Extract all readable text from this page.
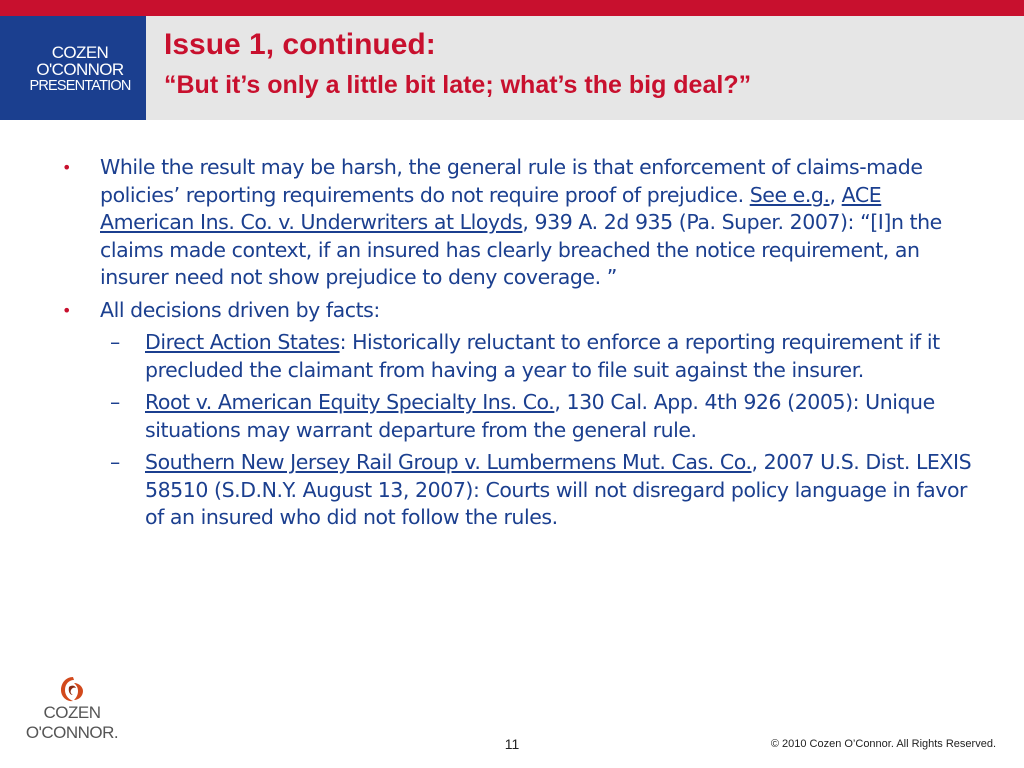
COZEN
O'CONNOR
PRESENTATION
Issue 1, continued:
“But it’s only a little bit late; what’s the big deal?”
• While the result may be harsh, the general rule is that enforcement of claims-made policies’ reporting requirements do not require proof of prejudice. See e.g., ACE American Ins. Co. v. Underwriters at Lloyds, 939 A. 2d 935 (Pa. Super. 2007): “[I]n the claims made context, if an insured has clearly breached the notice requirement, an insurer need not show prejudice to deny coverage. ”
• All decisions driven by facts:
– Direct Action States: Historically reluctant to enforce a reporting requirement if it precluded the claimant from having a year to file suit against the insurer.
– Root v. American Equity Specialty Ins. Co., 130 Cal. App. 4th 926 (2005): Unique situations may warrant departure from the general rule.
– Southern New Jersey Rail Group v. Lumbermens Mut. Cas. Co., 2007 U.S. Dist. LEXIS 58510 (S.D.N.Y. August 13, 2007): Courts will not disregard policy language in favor of an insured who did not follow the rules.
COZEN
O'CONNOR.
11	© 2010 Cozen O’Connor. All Rights Reserved.
